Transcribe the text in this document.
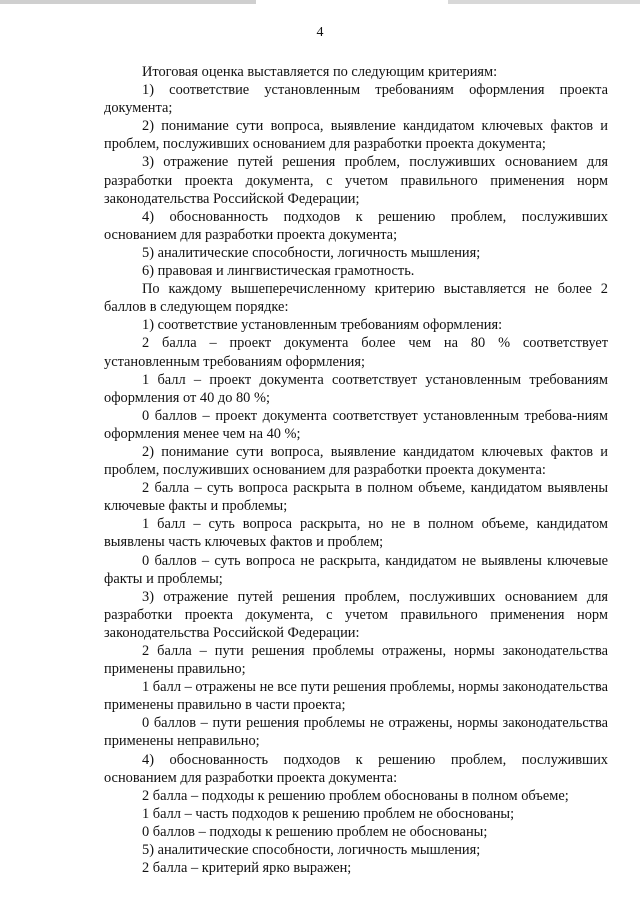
4

Итоговая оценка выставляется по следующим критериям:

1) соответствие установленным требованиям оформления проекта документа;

2) понимание сути вопроса, выявление кандидатом ключевых фактов и проблем, послуживших основанием для разработки проекта документа;

3) отражение путей решения проблем, послуживших основанием для разработки проекта документа, с учетом правильного применения норм законодательства Российской Федерации;

4) обоснованность подходов к решению проблем, послуживших основанием для разработки проекта документа;

5) аналитические способности, логичность мышления;

6) правовая и лингвистическая грамотность.

По каждому вышеперечисленному критерию выставляется не более 2 баллов в следующем порядке:

1) соответствие установленным требованиям оформления:

2 балла – проект документа более чем на 80 % соответствует установленным требованиям оформления;

1 балл – проект документа соответствует установленным требованиям оформления от 40 до 80 %;

0 баллов – проект документа соответствует установленным требова-ниям оформления менее чем на 40 %;

2) понимание сути вопроса, выявление кандидатом ключевых фактов и проблем, послуживших основанием для разработки проекта документа:

2 балла – суть вопроса раскрыта в полном объеме, кандидатом выявлены ключевые факты и проблемы;

1 балл – суть вопроса раскрыта, но не в полном объеме, кандидатом выявлены часть ключевых фактов и проблем;

0 баллов – суть вопроса не раскрыта, кандидатом не выявлены ключевые факты и проблемы;

3) отражение путей решения проблем, послуживших основанием для разработки проекта документа, с учетом правильного применения норм законодательства Российской Федерации:

2 балла – пути решения проблемы отражены, нормы законодательства применены правильно;

1 балл – отражены не все пути решения проблемы, нормы законодательства применены правильно в части проекта;

0 баллов – пути решения проблемы не отражены, нормы законодательства применены неправильно;

4) обоснованность подходов к решению проблем, послуживших основанием для разработки проекта документа:

2 балла – подходы к решению проблем обоснованы в полном объеме;

1 балл – часть подходов к решению проблем не обоснованы;

0 баллов – подходы к решению проблем не обоснованы;

5) аналитические способности, логичность мышления;

2 балла – критерий ярко выражен;
